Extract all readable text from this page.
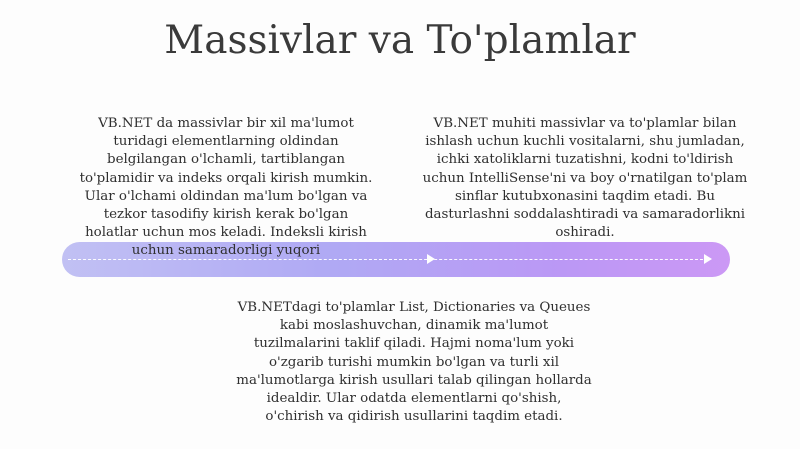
Massivlar va To'plamlar

VB.NET da massivlar bir xil ma'lumot turidagi elementlarning oldindan belgilangan o'lchamli, tartiblangan to'plamidir va indeks orqali kirish mumkin. Ular o'lchami oldindan ma'lum bo'lgan va tezkor tasodifiy kirish kerak bo'lgan holatlar uchun mos keladi. Indeksli kirish uchun samaradorligi yuqori

VB.NET muhiti massivlar va to'plamlar bilan ishlash uchun kuchli vositalarni, shu jumladan, ichki xatoliklarni tuzatishni, kodni to'ldirish uchun IntelliSense'ni va boy o'rnatilgan to'plam sinflar kutubxonasini taqdim etadi. Bu dasturlashni soddalashtiradi va samaradorlikni oshiradi.

VB.NETdagi to'plamlar List, Dictionaries va Queues kabi moslashuvchan, dinamik ma'lumot tuzilmalarini taklif qiladi. Hajmi noma'lum yoki o'zgarib turishi mumkin bo'lgan va turli xil ma'lumotlarga kirish usullari talab qilingan hollarda idealdir. Ular odatda elementlarni qo'shish, o'chirish va qidirish usullarini taqdim etadi.
